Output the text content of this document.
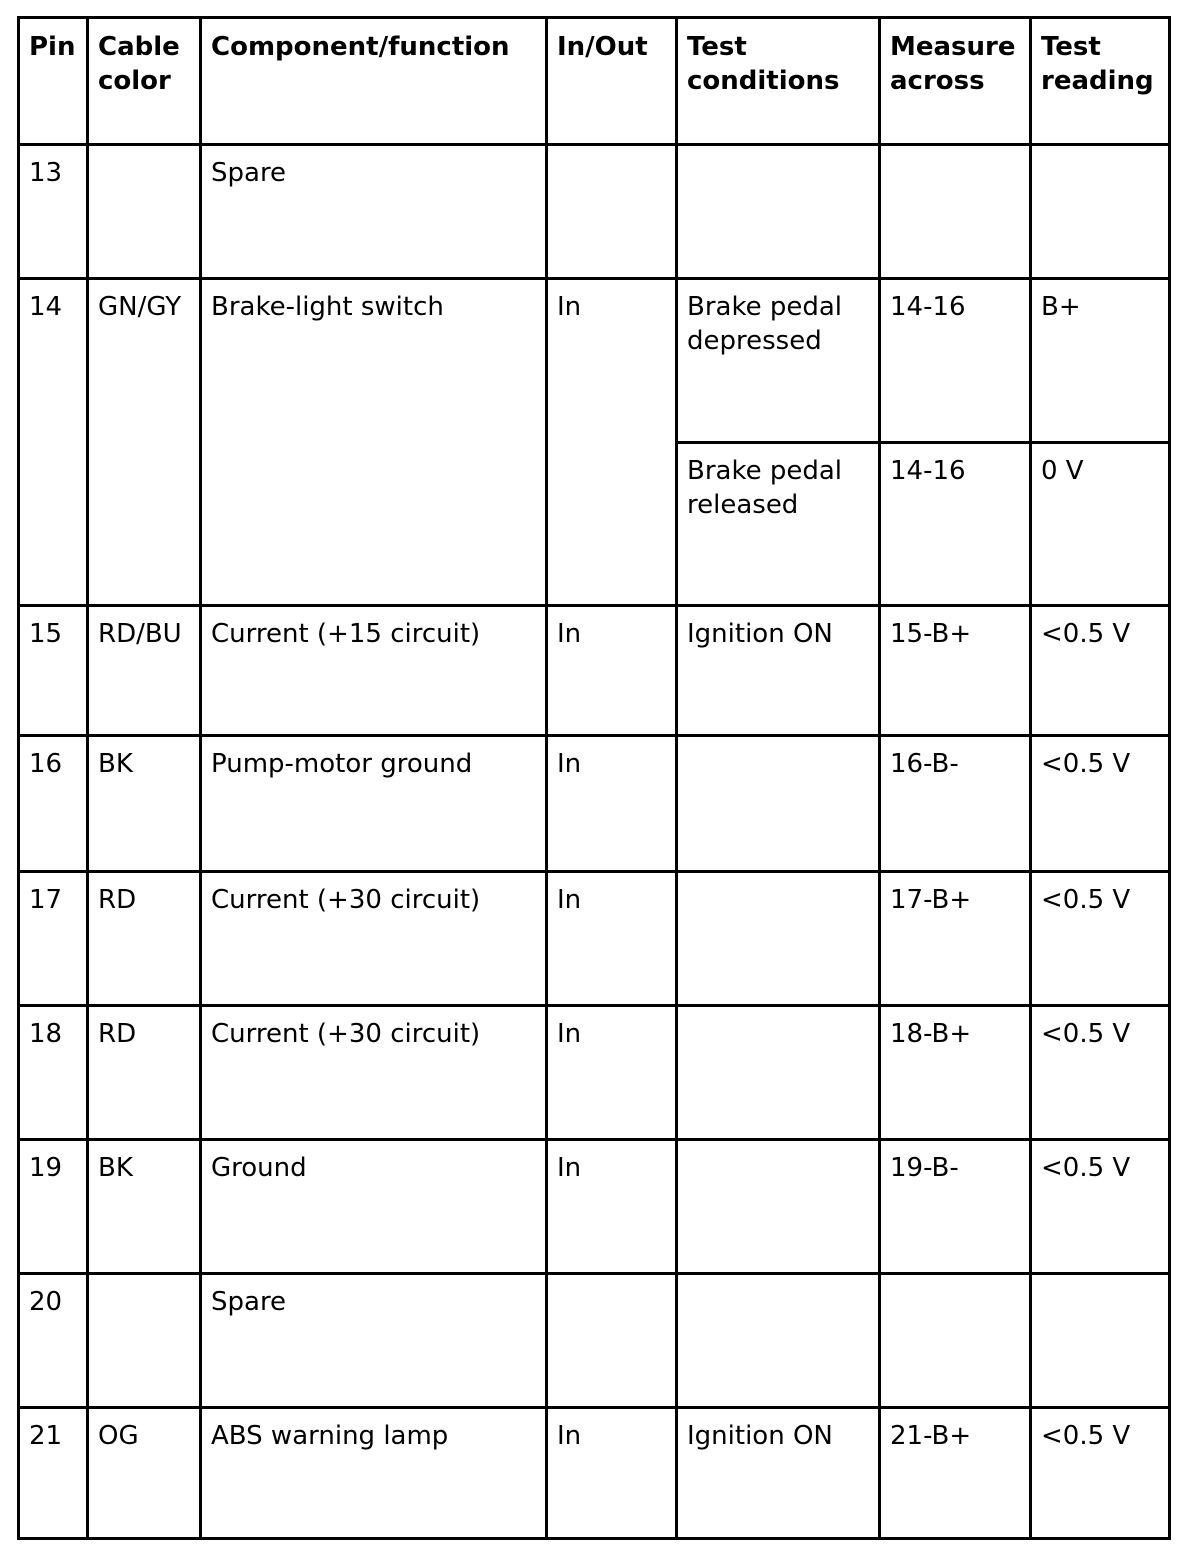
Pin	Cable color	Component/function	In/Out	Test conditions	Measure across	Test reading
13		Spare				
14	GN/GY	Brake-light switch	In	Brake pedal depressed	14-16	B+
				Brake pedal released	14-16	0 V
15	RD/BU	Current (+15 circuit)	In	Ignition ON	15-B+	<0.5 V
16	BK	Pump-motor ground	In		16-B-	<0.5 V
17	RD	Current (+30 circuit)	In		17-B+	<0.5 V
18	RD	Current (+30 circuit)	In		18-B+	<0.5 V
19	BK	Ground	In		19-B-	<0.5 V
20		Spare				
21	OG	ABS warning lamp	In	Ignition ON	21-B+	<0.5 V
